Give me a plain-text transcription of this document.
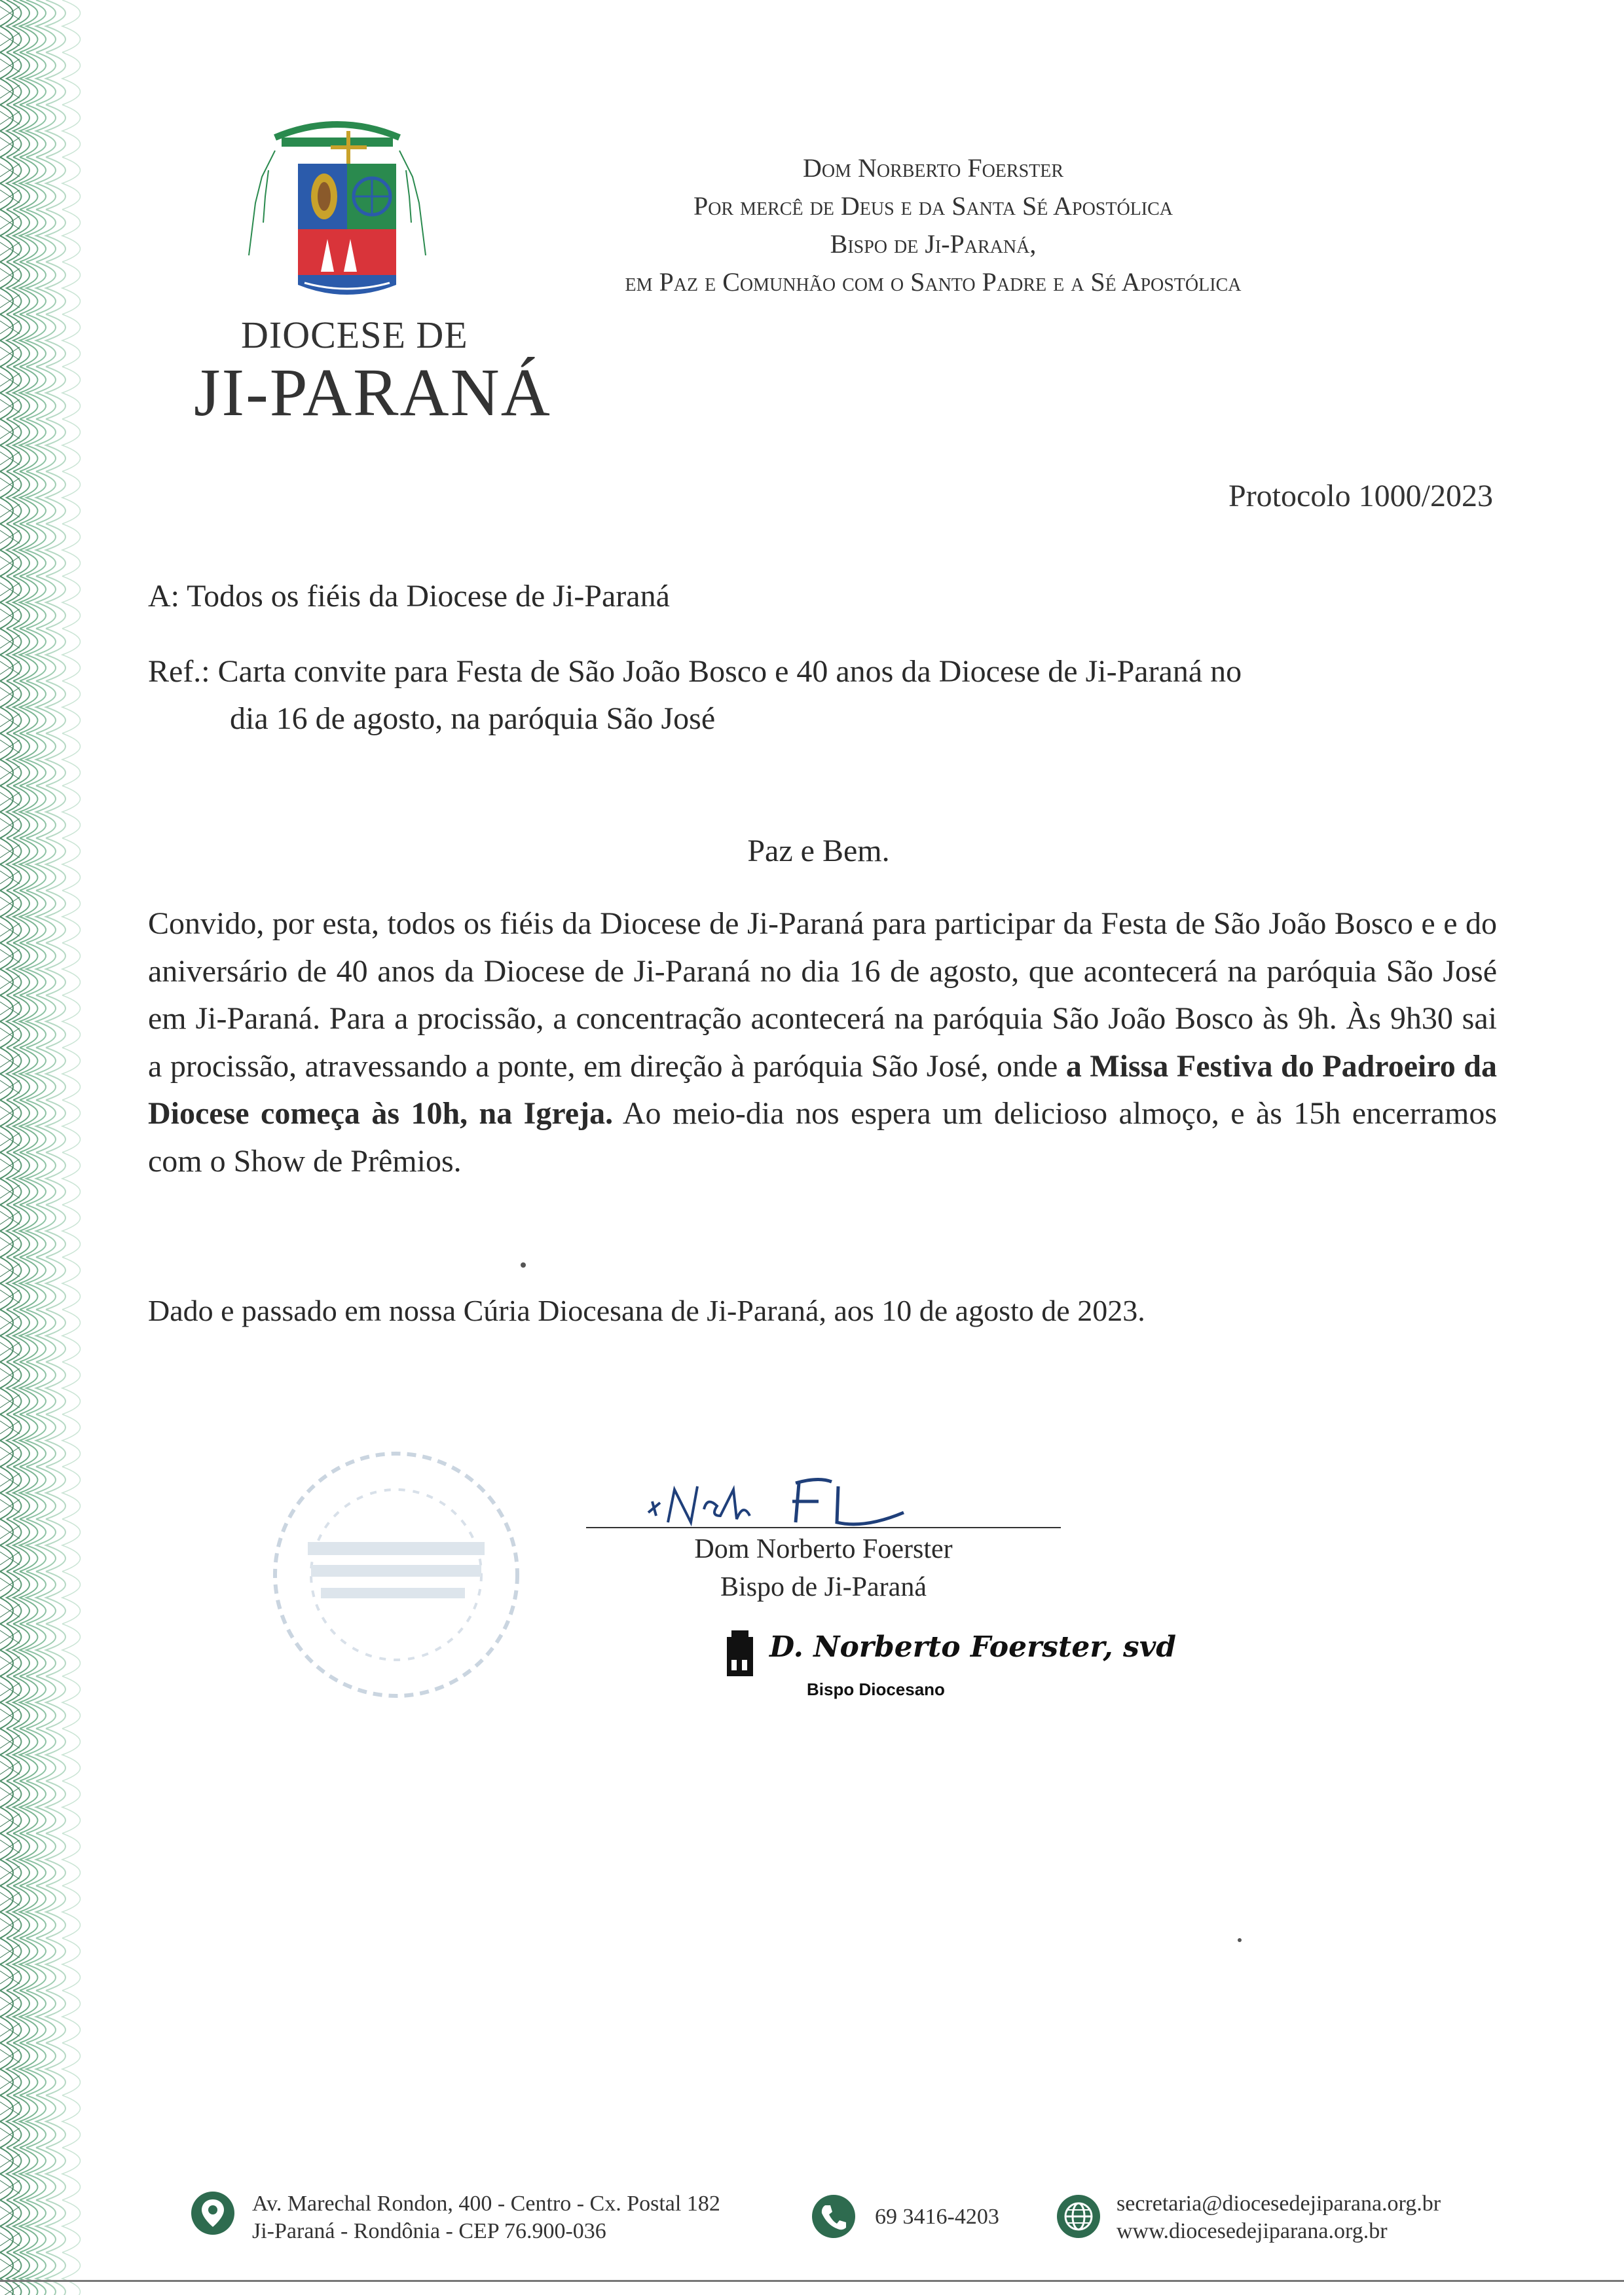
DIOCESE DE
JI-PARANÁ
Dom Norberto Foerster
Por mercê de Deus e da Santa Sé Apostólica
Bispo de Ji-Paraná,
em Paz e Comunhão com o Santo Padre e a Sé Apostólica
Protocolo 1000/2023
A: Todos os fiéis da Diocese de Ji-Paraná
Ref.: Carta convite para Festa de São João Bosco e 40 anos da Diocese de Ji-Paraná no
dia 16 de agosto, na paróquia São José
Paz e Bem.
Convido, por esta, todos os fiéis da Diocese de Ji-Paraná para participar da Festa de São João Bosco e e do aniversário de 40 anos da Diocese de Ji-Paraná no dia 16 de agosto, que acontecerá na paróquia São José em Ji-Paraná. Para a procissão, a concentração acontecerá na paróquia São João Bosco às 9h. Às 9h30 sai a procissão, atravessando a ponte, em direção à paróquia São José, onde a Missa Festiva do Padroeiro da Diocese começa às 10h, na Igreja. Ao meio-dia nos espera um delicioso almoço, e às 15h encerramos com o Show de Prêmios.
Dado e passado em nossa Cúria Diocesana de Ji-Paraná, aos 10 de agosto de 2023.
Dom Norberto Foerster
Bispo de Ji-Paraná
D. Norberto Foerster, svd
Bispo Diocesano
Av. Marechal Rondon, 400 - Centro - Cx. Postal 182
Ji-Paraná - Rondônia - CEP 76.900-036
69 3416-4203
secretaria@diocesedejiparana.org.br
www.diocesedejiparana.org.br
